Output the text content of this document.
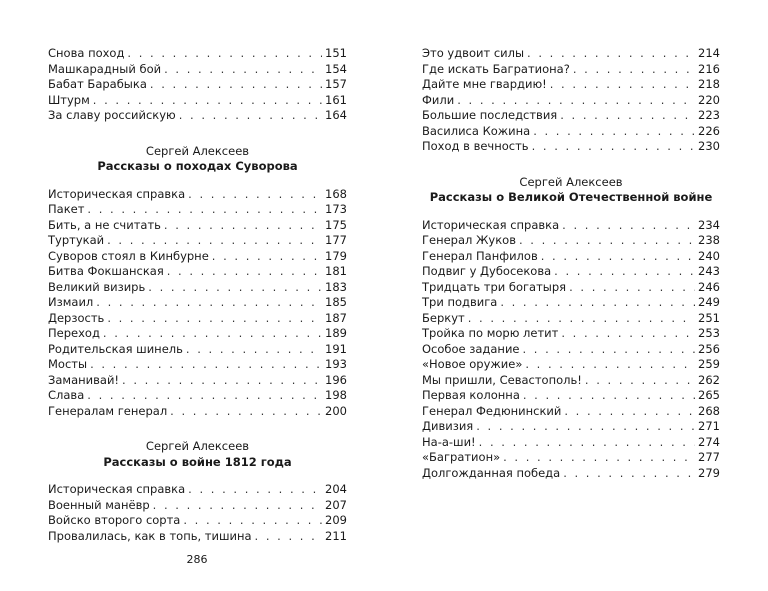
Снова поход . . .	151
Машкарадный бой . . .	154
Бабат Барабыка . . .	157
Штурм . . .	161
За славу российскую . . .	164
Сергей Алексеев
Рассказы о походах Суворова
Историческая справка . . .	168
Пакет . . .	173
Бить, а не считать . . .	175
Туртукай . . .	177
Суворов стоял в Кинбурне . . .	179
Битва Фокшанская . . .	181
Великий визирь . . .	183
Измаил . . .	185
Дерзость . . .	187
Переход . . .	189
Родительская шинель . . .	191
Мосты . . .	193
Заманивай! . . .	196
Слава . . .	198
Генералам генерал . . .	200
Сергей Алексеев
Рассказы о войне 1812 года
Историческая справка . . .	204
Военный манёвр . . .	207
Войско второго сорта . . .	209
Провалилась, как в топь, тишина . . .	211
Это удвоит силы . . .	214
Где искать Багратиона? . . .	216
Дайте мне гвардию! . . .	218
Фили . . .	220
Большие последствия . . .	223
Василиса Кожина . . .	226
Поход в вечность . . .	230
Сергей Алексеев
Рассказы о Великой Отечественной войне
Историческая справка . . .	234
Генерал Жуков . . .	238
Генерал Панфилов . . .	240
Подвиг у Дубосекова . . .	243
Тридцать три богатыря . . .	246
Три подвига . . .	249
Беркут . . .	251
Тройка по морю летит . . .	253
Особое задание . . .	256
«Новое оружие» . . .	259
Мы пришли, Севастополь! . . .	262
Первая колонна . . .	265
Генерал Федюнинский . . .	268
Дивизия . . .	271
На-а-ши! . . .	274
«Багратион» . . .	277
Долгожданная победа . . .	279
286
